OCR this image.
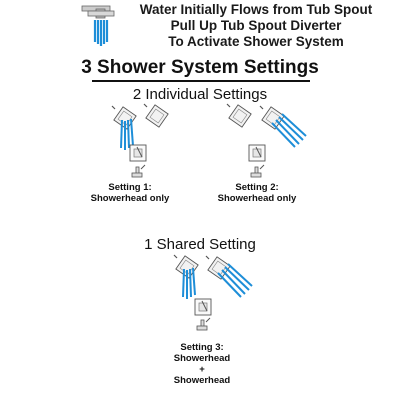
Water Initially Flows from Tub Spout
Pull Up Tub Spout Diverter
To Activate Shower System
3 Shower System Settings
2 Individual Settings
1 Shared Setting
Setting 1:
Showerhead only
Setting 2:
Showerhead only
Setting 3:
Showerhead
+
Showerhead
